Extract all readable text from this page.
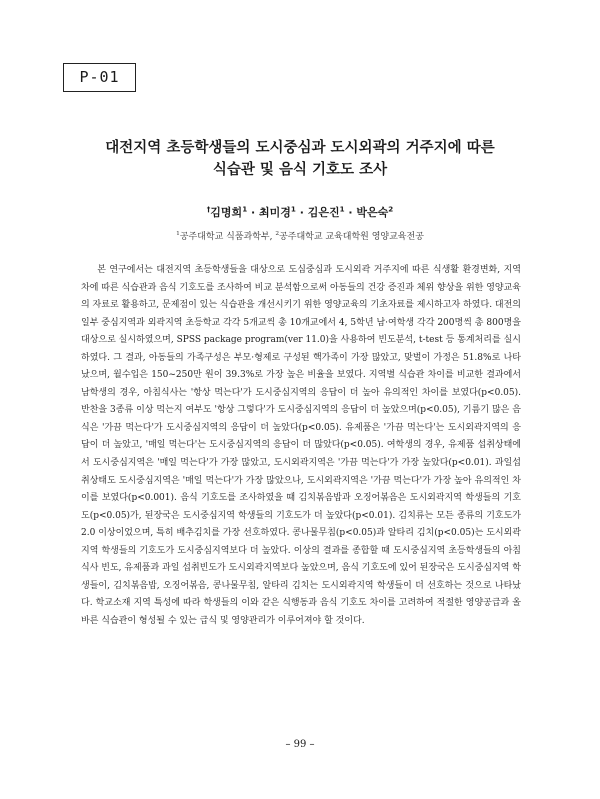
P-01
대전지역 초등학생들의 도시중심과 도시외곽의 거주지에 따른
식습관 및 음식 기호도 조사
†김명희$^1$ · 최미경$^1$ · 김은진$^1$ · 박은숙$^2$
$^1$공주대학교 식품과학부, $^2$공주대학교 교육대학원 영양교육전공

본 연구에서는 대전지역 초등학생들을 대상으로 도심중심과 도시외곽 거주지에 따른 식생활 환경변화, 지역 차에 따른 식습관과 음식 기호도를 조사하여 비교 분석함으로써 아동들의 건강 증진과 체위 향상을 위한 영양교육의 자료로 활용하고, 문제점이 있는 식습관을 개선시키기 위한 영양교육의 기초자료를 제시하고자 하였다. 대전의 일부 중심지역과 외곽지역 초등학교 각각 5개교씩 총 10개교에서 4, 5학년 남·여학생 각각 200명씩 총 800명을 대상으로 실시하였으며, SPSS package program(ver 11.0)을 사용하여 빈도분석, t-test 등 통계처리를 실시하였다. 그 결과, 아동들의 가족구성은 부모·형제로 구성된 핵가족이 가장 많았고, 맞벌이 가정은 51.8%로 나타났으며, 월수입은 150~250만 원이 39.3%로 가장 높은 비율을 보였다. 지역별 식습관 차이를 비교한 결과에서 남학생의 경우, 아침식사는 '항상 먹는다'가 도시중심지역의 응답이 더 높아 유의적인 차이를 보였다(p<0.05). 반찬을 3종류 이상 먹는지 여부도 '항상 그렇다'가 도시중심지역의 응답이 더 높았으며(p<0.05), 기름기 많은 음식은 '가끔 먹는다'가 도시중심지역의 응답이 더 높았다(p<0.05). 유제품은 '가끔 먹는다'는 도시외곽지역의 응답이 더 높았고, '매일 먹는다'는 도시중심지역의 응답이 더 많았다(p<0.05). 여학생의 경우, 유제품 섭취상태에서 도시중심지역은 '매일 먹는다'가 가장 많았고, 도시외곽지역은 '가끔 먹는다'가 가장 높았다(p<0.01). 과일섭취상태도 도시중심지역은 '매일 먹는다'가 가장 많았으나, 도시외곽지역은 '가끔 먹는다'가 가장 높아 유의적인 차이를 보였다(p<0.001). 음식 기호도를 조사하였을 때 김치볶음밥과 오징어볶음은 도시외곽지역 학생들의 기호도(p<0.05)가, 된장국은 도시중심지역 학생들의 기호도가 더 높았다(p<0.01). 김치류는 모든 종류의 기호도가 2.0 이상이었으며, 특히 배추김치를 가장 선호하였다. 콩나물무침(p<0.05)과 알타리 김치(p<0.05)는 도시외곽지역 학생들의 기호도가 도시중심지역보다 더 높았다. 이상의 결과를 종합할 때 도시중심지역 초등학생들의 아침식사 빈도, 유제품과 과일 섭취빈도가 도시외곽지역보다 높았으며, 음식 기호도에 있어 된장국은 도시중심지역 학생들이, 김치볶음밥, 오징어볶음, 콩나물무침, 알타리 김치는 도시외곽지역 학생들이 더 선호하는 것으로 나타났다. 학교소재 지역 특성에 따라 학생들의 이와 같은 식행동과 음식 기호도 차이를 고려하여 적절한 영양공급과 올바른 식습관이 형성될 수 있는 급식 및 영양관리가 이루어져야 할 것이다.

– 99 –
